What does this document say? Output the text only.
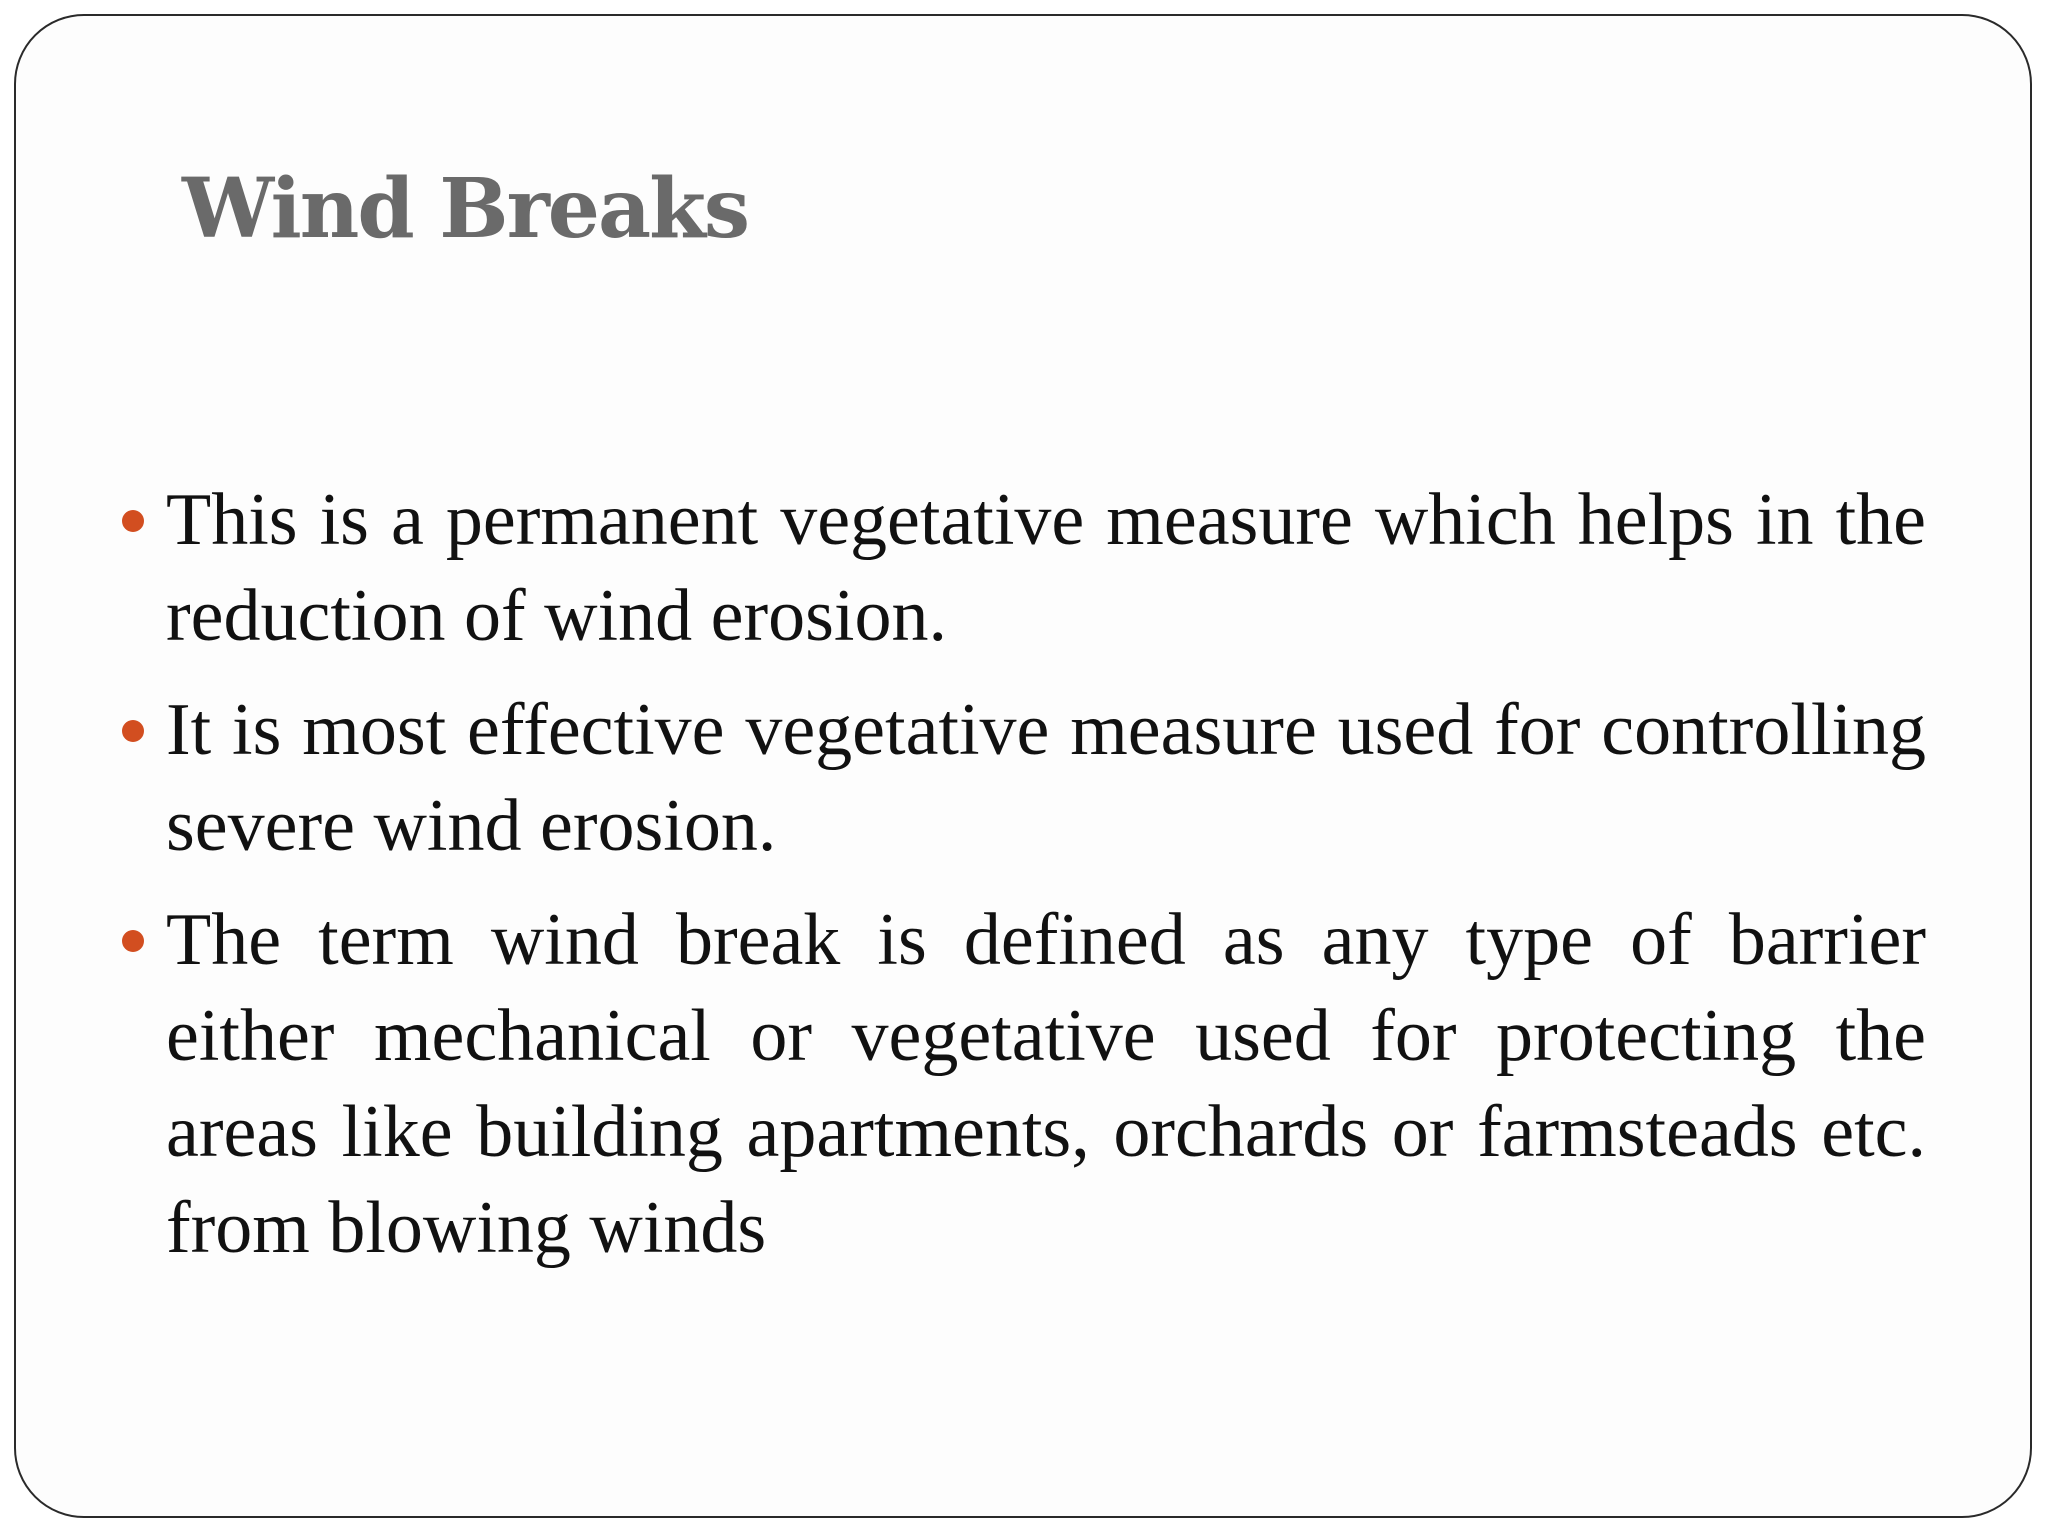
Wind Breaks
This is a permanent vegetative measure which helps in the reduction of wind erosion.
It is most effective vegetative measure used for controlling severe wind erosion.
The term wind break is defined as any type of barrier either mechanical or vegetative used for protecting the areas like building apartments, orchards or farmsteads etc. from blowing winds
